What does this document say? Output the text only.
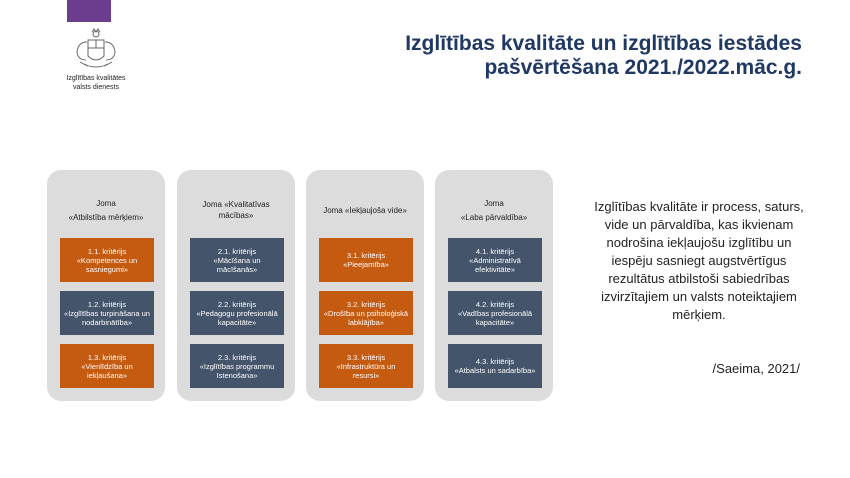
Izglītības kvalitātes
valsts dienests
Izglītības kvalitāte un izglītības iestādes
pašvērtēšana 2021./2022.māc.g.
Joma
«Atbilstība mērķiem»
1.1. kritērijs
«Kompetences un sasniegumi»
1.2. kritērijs
«Izglītības turpināšana un nodarbinātība»
1.3. kritērijs
«Vienlīdzība un iekļaušana»
Joma «Kvalitatīvas
mācības»
2.1. kritērijs
«Mācīšana un mācīšanās»
2.2. kritērijs
«Pedagogu profesionālā kapacitāte»
2.3. kritērijs
«Izglītības programmu īstenošana»
Joma «Iekļaujoša vide»
3.1. kritērijs
«Pieejamība»
3.2. kritērijs
«Drošība un psiholoģiskā labklājība»
3.3. kritērijs
«Infrastruktūra un resursi»
Joma
«Laba pārvaldība»
4.1. kritērijs
«Administratīvā efektivitāte»
4.2. kritērijs
«Vadības profesionālā kapacitāte»
4.3. kritērijs
«Atbalsts un sadarbība»
Izglītības kvalitāte ir process, saturs, vide un pārvaldība, kas ikvienam nodrošina iekļaujošu izglītību un iespēju sasniegt augstvērtīgus rezultātus atbilstoši sabiedrības izvirzītajiem un valsts noteiktajiem mērķiem.
/Saeima, 2021/
